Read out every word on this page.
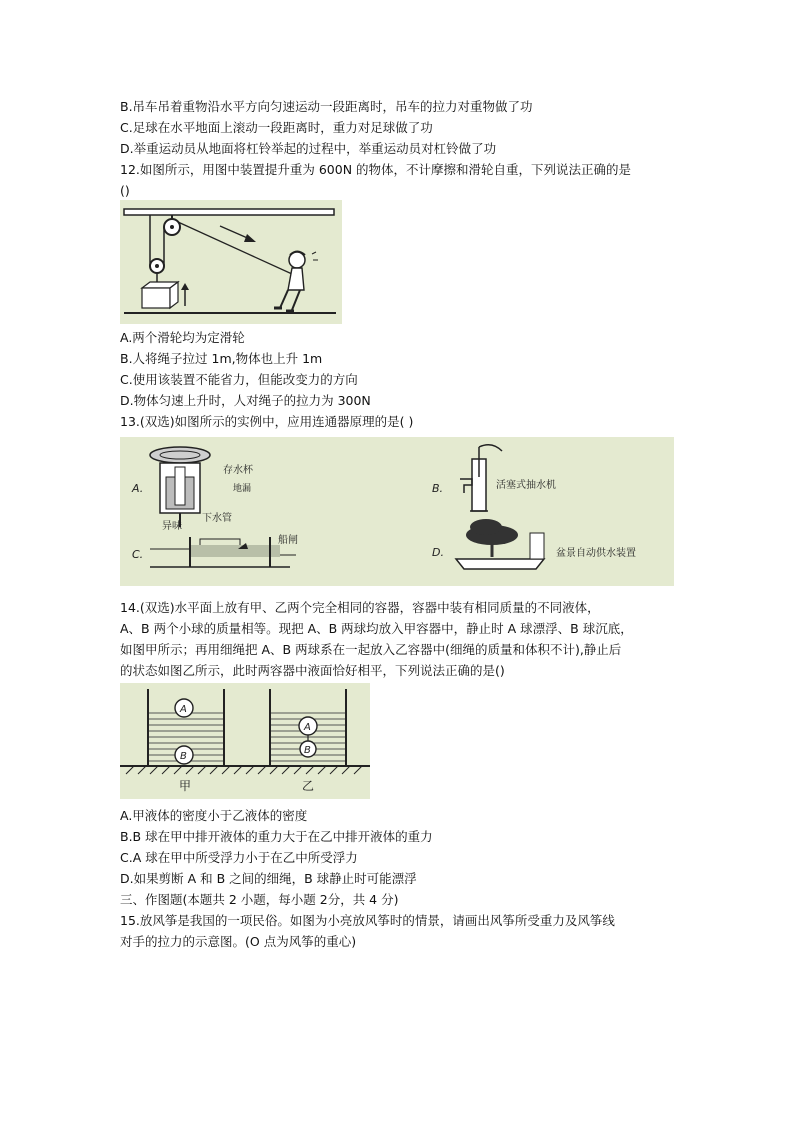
B.吊车吊着重物沿水平方向匀速运动一段距离时，吊车的拉力对重物做了功
C.足球在水平地面上滚动一段距离时，重力对足球做了功
D.举重运动员从地面将杠铃举起的过程中，举重运动员对杠铃做了功
12.如图所示，用图中装置提升重为 600N 的物体，不计摩擦和滑轮自重，下列说法正确的是
()
A.两个滑轮均为定滑轮
B.人将绳子拉过 1m,物体也上升 1m
C.使用该装置不能省力，但能改变力的方向
D.物体匀速上升时，人对绳子的拉力为 300N
13.(双选)如图所示的实例中，应用连通器原理的是( )
A.
存水杯
地漏
异味
下水管
B.	活塞式抽水机
C.
船闸
D.	盆景自动供水装置
14.(双选)水平面上放有甲、乙两个完全相同的容器，容器中装有相同质量的不同液体，
A、B 两个小球的质量相等。现把 A、B 两球均放入甲容器中，静止时 A 球漂浮、B 球沉底，
如图甲所示；再用细绳把 A、B 两球系在一起放入乙容器中(细绳的质量和体积不计),静止后
的状态如图乙所示，此时两容器中液面恰好相平，下列说法正确的是()
A
B
A
B
甲	乙
A.甲液体的密度小于乙液体的密度
B.B 球在甲中排开液体的重力大于在乙中排开液体的重力
C.A 球在甲中所受浮力小于在乙中所受浮力
D.如果剪断 A 和 B 之间的细绳，B 球静止时可能漂浮
三、作图题(本题共 2 小题，每小题 2分，共 4 分)
15.放风筝是我国的一项民俗。如图为小亮放风筝时的情景，请画出风筝所受重力及风筝线
对手的拉力的示意图。(O 点为风筝的重心)
